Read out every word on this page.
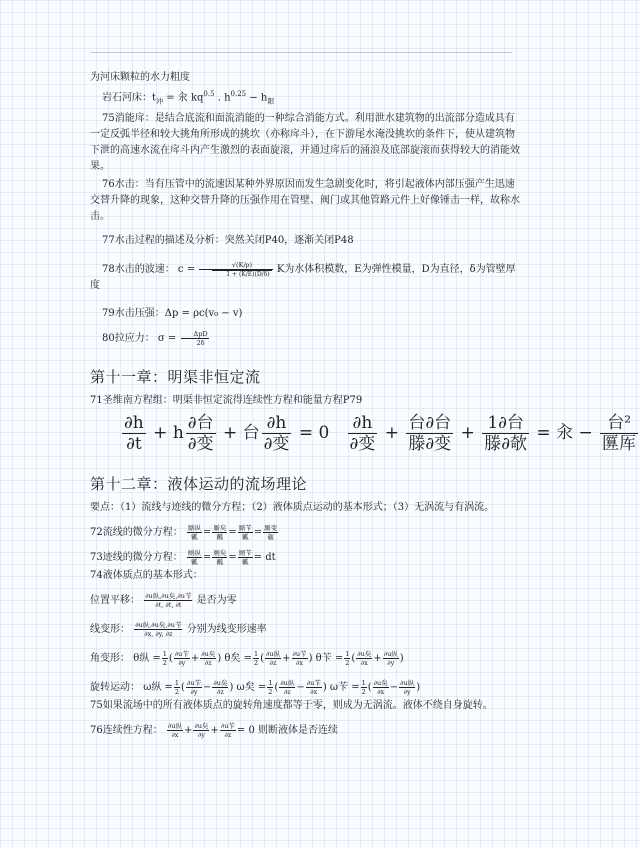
为河床颗粒的水力粗度

岩石河床：$t_冲$ = 汆 $kq^{0.5}$ . $h^{0.25} - h_限$

75消能戽：是结合底流和面流消能的一种综合消能方式。利用泄水建筑物的出流部分造成具有一定反弧半径和较大挑角所形成的挑坎（亦称戽斗），在下游尾水淹没挑坎的条件下，使从建筑物下泄的高速水流在戽斗内产生激烈的表面旋滚，并通过戽后的涌浪及底部旋滚而获得较大的消能效果。

76水击：当有压管中的流速因某种外界原因而发生急剧变化时，将引起液体内部压强产生迅速交替升降的现象，这种交替升降的压强作用在管壁、阀门或其他管路元件上好像锤击一样，故称水击。

77水击过程的描述及分析：突然关闭P40，逐渐关闭P48

78水击的波速： $c = \frac{√(K/\rho)}{1 + (K/E)(D/\delta)}$ K为水体积模数，E为弹性模量，D为直径，δ为管壁厚度

79水击压强：Δp = ρc(v₀ − v)

80拉应力： $\sigma = \frac{\text{ΔpD}}{2\delta}$

第十一章：明渠非恒定流

71圣维南方程组：明渠非恒定流得连续性方程和能量方程P79

$\frac{\partial h}{\partial t} + h \frac{\text{∂台}}{\text{∂变}}$ + 台 $\frac{\partial h}{\text{∂变}} = 0 \frac{\partial h}{\text{∂变}} + \frac{\text{台∂台}}{\text{滕∂变}} + \frac{\text{1∂台}}{\text{滕∂欹}}$ = 汆 − $\frac{\text{台²}}{\text{匴厍}}$
第十二章：液体运动的流场理论

要点：（1）流线与迹线的微分方程；（2）液体质点运动的基本形式；（3）无涡流与有涡流。

72流线的微分方程： $\frac{\text{厮纵}}{\text{瓤}} = \frac{\text{厮矣}}{\text{瓤}} = \frac{\text{厮苄}}{\text{瓤}} = \frac{\text{厮变}}{\text{瓻}}$

73迹线的微分方程： $\frac{\text{厕纵}}{\text{瓤}} = \frac{\text{厕矣}}{\text{瓤}} = \frac{\text{厕苄}}{\text{瓤}}$ = dt

74液体质点的基本形式：

位置平移： $\frac{\text{∂u纵,∂u矣,∂u苄}}{\partial t, \partial t, \partial t}$ 是否为零

线变形： $\frac{\text{∂u纵,∂u矣,∂u苄}}{\partial x, \partial y, \partial z}$ 分别为线变形速率

角变形： θ纵 = $\frac{1}{2}$ ( $\frac{\text{∂u苄}}{\partial y} + \frac{\text{∂u矣}}{\partial z}$ ) θ矣 = $\frac{1}{2}$ ( $\frac{\text{∂u纵}}{\partial z} + \frac{\text{∂u苄}}{\partial x}$ ) θ苄 = $\frac{1}{2}$ ( $\frac{\text{∂u矣}}{\partial x} + \frac{\text{∂u纵}}{\partial y}$ )

旋转运动： ω纵 = $\frac{1}{2}$ ( $\frac{\text{∂u苄}}{\partial y} - \frac{\text{∂u矣}}{\partial z}$ ) ω矣 = $\frac{1}{2}$ ( $\frac{\text{∂u纵}}{\partial z} - \frac{\text{∂u苄}}{\partial x}$ ) ω苄 = $\frac{1}{2}$ ( $\frac{\text{∂u矣}}{\partial x} - \frac{\text{∂u纵}}{\partial y}$ )

75如果流场中的所有液体质点的旋转角速度都等于零，则成为无涡流。液体不绕自身旋转。

76连续性方程： $\frac{\text{∂u纵}}{\partial x} + \frac{\text{∂u矣}}{\partial y} + \frac{\text{∂u苄}}{\partial z} = 0$ 则断液体是否连续
